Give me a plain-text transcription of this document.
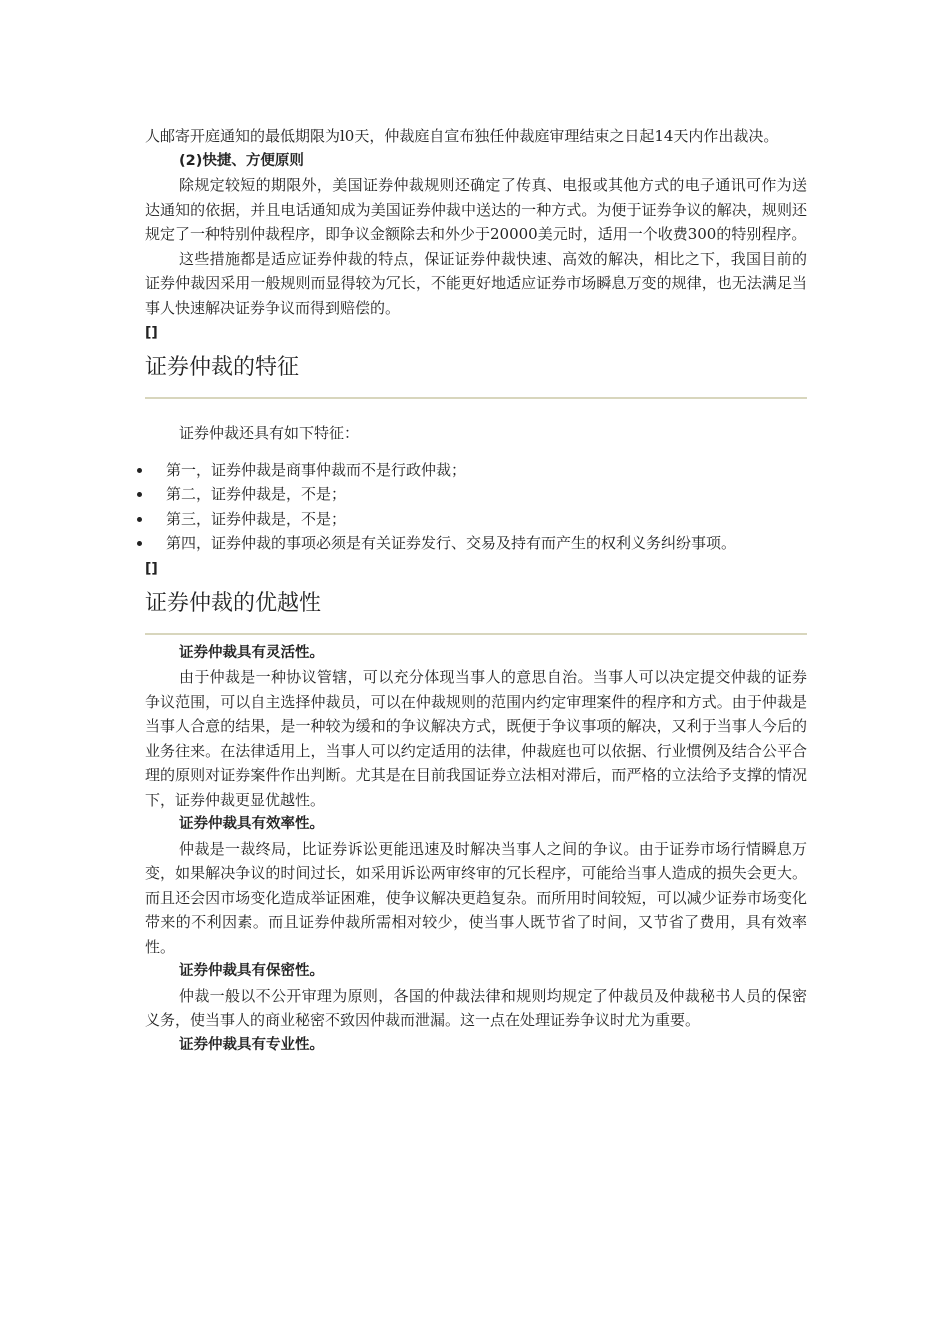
人邮寄开庭通知的最低期限为l0天，仲裁庭自宣布独任仲裁庭审理结束之日起14天内作出裁决。

(2)快捷、方便原则

除规定较短的期限外，美国证券仲裁规则还确定了传真、电报或其他方式的电子通讯可作为送达通知的依据，并且电话通知成为美国证券仲裁中送达的一种方式。为便于证券争议的解决，规则还规定了一种特别仲裁程序，即争议金额除去和外少于20000美元时，适用一个收费300的特别程序。

这些措施都是适应证券仲裁的特点，保证证券仲裁快速、高效的解决，相比之下，我国目前的证券仲裁因采用一般规则而显得较为冗长，不能更好地适应证券市场瞬息万变的规律，也无法满足当事人快速解决证券争议而得到赔偿的。

[]

证券仲裁的特征

证券仲裁还具有如下特征：

第一，证券仲裁是商事仲裁而不是行政仲裁；
第二，证券仲裁是，不是；
第三，证券仲裁是，不是；
第四，证券仲裁的事项必须是有关证券发行、交易及持有而产生的权利义务纠纷事项。

[]

证券仲裁的优越性

证券仲裁具有灵活性。

由于仲裁是一种协议管辖，可以充分体现当事人的意思自治。当事人可以决定提交仲裁的证券争议范围，可以自主选择仲裁员，可以在仲裁规则的范围内约定审理案件的程序和方式。由于仲裁是当事人合意的结果，是一种较为缓和的争议解决方式，既便于争议事项的解决，又利于当事人今后的业务往来。在法律适用上，当事人可以约定适用的法律，仲裁庭也可以依据、行业惯例及结合公平合理的原则对证券案件作出判断。尤其是在目前我国证券立法相对滞后，而严格的立法给予支撑的情况下，证券仲裁更显优越性。

证券仲裁具有效率性。

仲裁是一裁终局，比证券诉讼更能迅速及时解决当事人之间的争议。由于证券市场行情瞬息万变，如果解决争议的时间过长，如采用诉讼两审终审的冗长程序，可能给当事人造成的损失会更大。而且还会因市场变化造成举证困难，使争议解决更趋复杂。而所用时间较短，可以减少证券市场变化带来的不利因素。而且证券仲裁所需相对较少，使当事人既节省了时间，又节省了费用，具有效率性。

证券仲裁具有保密性。

仲裁一般以不公开审理为原则，各国的仲裁法律和规则均规定了仲裁员及仲裁秘书人员的保密义务，使当事人的商业秘密不致因仲裁而泄漏。这一点在处理证券争议时尤为重要。

证券仲裁具有专业性。
